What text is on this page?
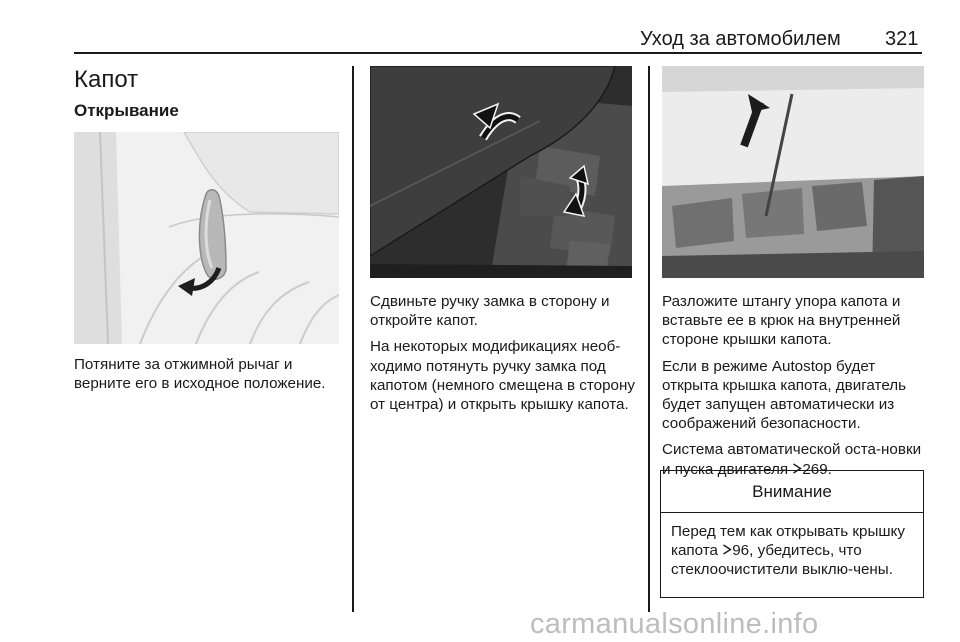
Уход за автомобилем 321
Капот
Открывание

Потяните за отжимной рычаг и верните его в исходное положение.

Сдвиньте ручку замка в сторону и откройте капот.

На некоторых модификациях необ-ходимо потянуть ручку замка под капотом (немного смещена в сторону от центра) и открыть крышку капота.

Разложите штангу упора капота и вставьте ее в крюк на внутренней стороне крышки капота.

Если в режиме Autostop будет открыта крышка капота, двигатель будет запущен автоматически из соображений безопасности.

Система автоматической оста-новки и пуска двигателя 269.

Внимание
Перед тем как открывать крышку капота 96, убедитесь, что стеклоочистители выклю-чены.
carmanualsonline.info
